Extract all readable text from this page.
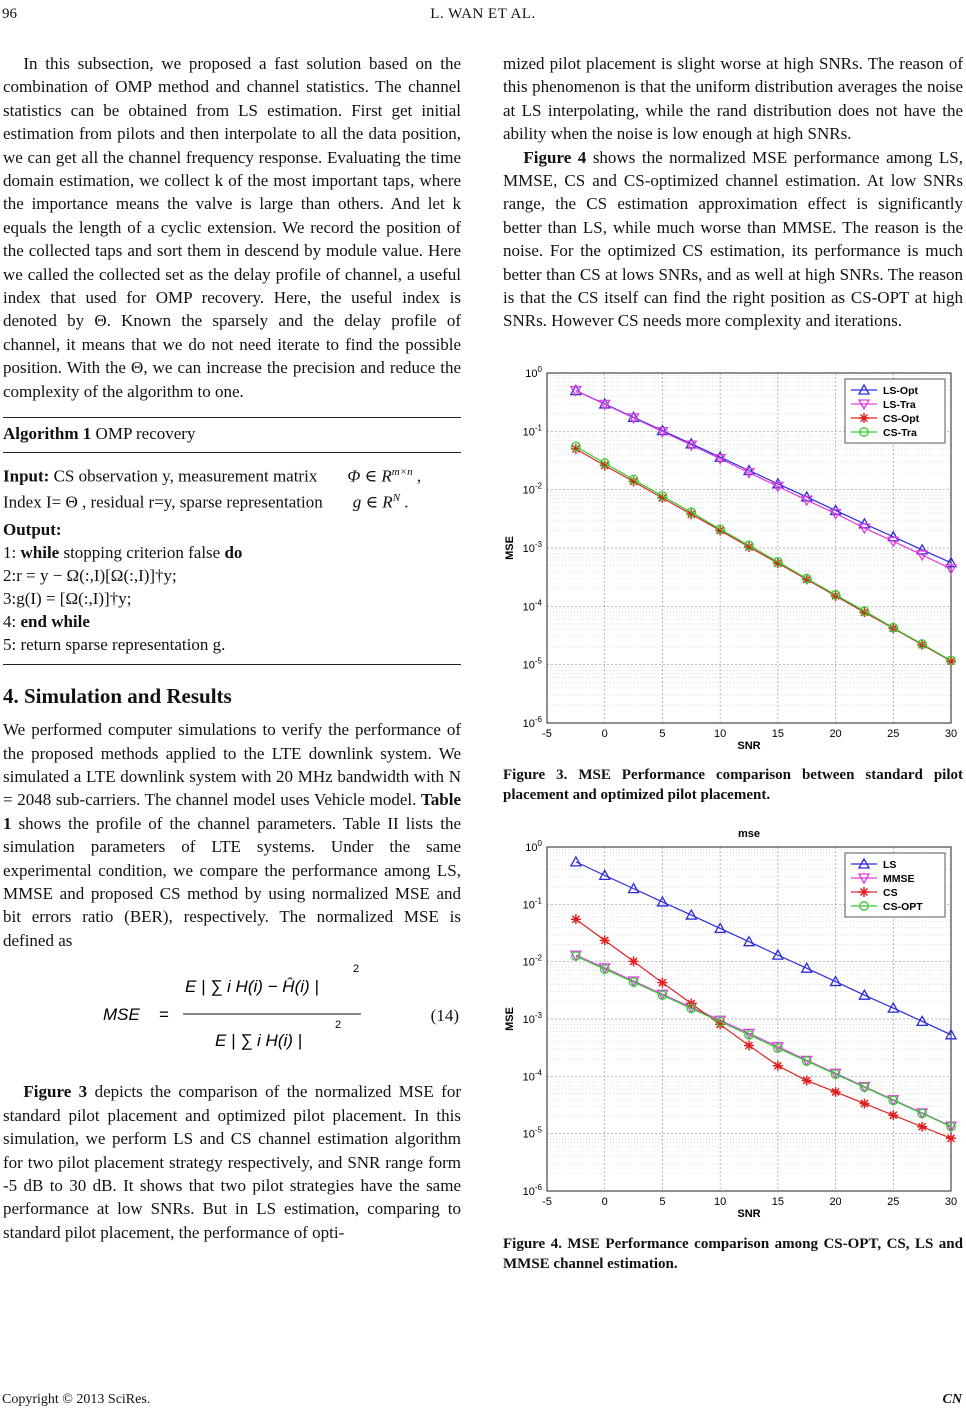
96	L. WAN ET AL.

In this subsection, we proposed a fast solution based on the combination of OMP method and channel statistics. The channel statistics can be obtained from LS estimation. First get initial estimation from pilots and then interpolate to all the data position, we can get all the channel frequency response. Evaluating the time domain estimation, we collect k of the most important taps, where the importance means the valve is large than others. And let k equals the length of a cyclic extension. We record the position of the collected taps and sort them in descend by module value. Here we called the collected set as the delay profile of channel, a useful index that used for OMP recovery. Here, the useful index is denoted by Θ. Known the sparsely and the delay profile of channel, it means that we do not need iterate to find the possible position. With the Θ, we can increase the precision and reduce the complexity of the algorithm to one.

Algorithm 1 OMP recovery
Input: CS observation y, measurement matrix Φ ∈ $R^{m\times n}$ ,
Index I= Θ , residual r=y, sparse representation g ∈ $R^N$ .
Output:
1: while stopping criterion false do
2:r = y − Ω(:,I)[Ω(:,I)]†y;
3:g(I) = [Ω(:,I)]†y;
4: end while
5: return sparse representation g.
4. Simulation and Results

We performed computer simulations to verify the performance of the proposed methods applied to the LTE downlink system. We simulated a LTE downlink system with 20 MHz bandwidth with N = 2048 sub-carriers. The channel model uses Vehicle model. Table 1 shows the profile of the channel parameters. Table II lists the simulation parameters of LTE systems. Under the same experimental condition, we compare the performance among LS, MMSE and proposed CS method by using normalized MSE and bit errors ratio (BER), respectively. The normalized MSE is defined as

MSE =
E | ∑ i H(i) − Ĥ(i) |
2
E | ∑ i H(i) |
2	(14)

Figure 3 depicts the comparison of the normalized MSE for standard pilot placement and optimized pilot placement. In this simulation, we perform LS and CS channel estimation algorithm for two pilot placement strategy respectively, and SNR range form -5 dB to 30 dB. It shows that two pilot strategies have the same performance at low SNRs. But in LS estimation, comparing to standard pilot placement, the performance of opti-

mized pilot placement is slight worse at high SNRs. The reason of this phenomenon is that the uniform distribution averages the noise at LS interpolating, while the rand distribution does not have the ability when the noise is low enough at high SNRs.

Figure 4 shows the normalized MSE performance among LS, MMSE, CS and CS-optimized channel estimation. At low SNRs range, the CS estimation approximation effect is significantly better than LS, while much worse than MMSE. The reason is the noise. For the optimized CS estimation, its performance is much better than CS at lows SNRs, and as well at high SNRs. The reason is that the CS itself can find the right position as CS-OPT at high SNRs. However CS needs more complexity and iterations.

-5	0	5	10	15	20	25	30
$10^0$
$10^{-1}$
$10^{-2}$
$10^{-3}$
$10^{-4}$
$10^{-5}$
$10^{-6}$
SNR
MSE
LS-Opt
LS-Tra
CS-Opt
CS-Tra
Figure 3. MSE Performance comparison between standard pilot placement and optimized pilot placement.
mse
-5	0	5	10	15	20	25	30
$10^0$
$10^{-1}$
$10^{-2}$
$10^{-3}$
$10^{-4}$
$10^{-5}$
$10^{-6}$
SNR
MSE
LS
MMSE
CS
CS-OPT
Figure 4. MSE Performance comparison among CS-OPT, CS, LS and MMSE channel estimation.
Copyright © 2013 SciRes.	CN
